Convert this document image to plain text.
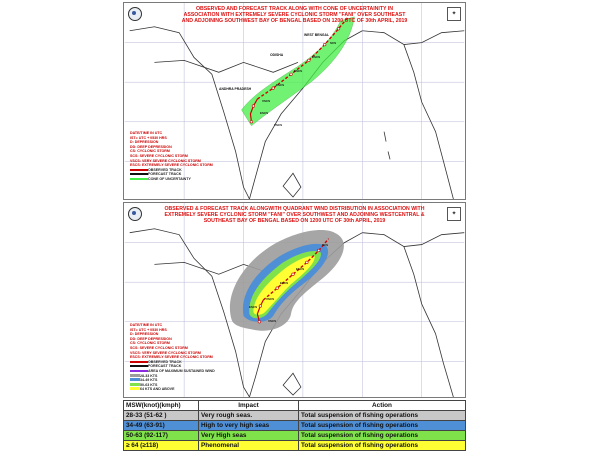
✦
OBSERVED AND FORECAST TRACK ALONG WITH CONE OF UNCERTAINITY IN
ASSOCIATION WITH EXTREMELY SEVERE CYCLONIC STORM "FANI" OVER SOUTHEAST
AND ADJOINING SOUTHWEST BAY OF BENGAL BASED ON 1200 UTC OF 30th APRIL, 2019
WEST BENGAL
ODISHA
ANDHRA PRADESH
SCS
ESCS
ESCS
ESCS
VSCS
VSCS
ESCS
DATE/TIME IN UTC
IST= UTC + 0530 HRS
D: DEPRESSION
DD: DEEP DEPRESSION
CS: CYCLONIC STORM
SCS: SEVERE CYCLONIC STORM
VSCS: VERY SEVERE CYCLONIC STORM
ESCS: EXTREMELY SEVERE CYCLONIC STORM
OBSERVED TRACK
FORECAST TRACK
CONE OF UNCERTAINTY
✦
OBSERVED & FORECAST TRACK ALONGWITH QUADRANT WIND DISTRIBUTION IN ASSOCIATION WITH
EXTREMELY SEVERE CYCLONIC STORM "FANI" OVER SOUTHWEST AND ADJOINING WESTCENTRAL &
SOUTHEAST BAY OF BENGAL BASED ON 1200 UTC OF 30th APRIL, 2019
SCS
ESCS
ESCS
VSCS
VSCS
ESCS
DATE/TIME IN UTC
IST= UTC + 0530 HRS
D: DEPRESSION
DD: DEEP DEPRESSION
CS: CYCLONIC STORM
SCS: SEVERE CYCLONIC STORM
VSCS: VERY SEVERE CYCLONIC STORM
ESCS: EXTREMELY SEVERE CYCLONIC STORM
OBSERVED TRACK
FORECAST TRACK
AREA OF MAXIMUM SUSTAINED WIND
28-33 KTS
34-49 KTS
50-63 KTS
64 KTS AND ABOVE
MSW(knot)(kmph)	Impact	Action
28-33 (51-62 )	Very rough seas.	Total suspension of fishing operations
34-49 (63-91)	High to very high seas	Total suspension of fishing operations
50-63 (92-117)	Very High seas	Total suspension of fishing operations
≥ 64 (≥118)	Phenomenal	Total suspension of fishing operations
